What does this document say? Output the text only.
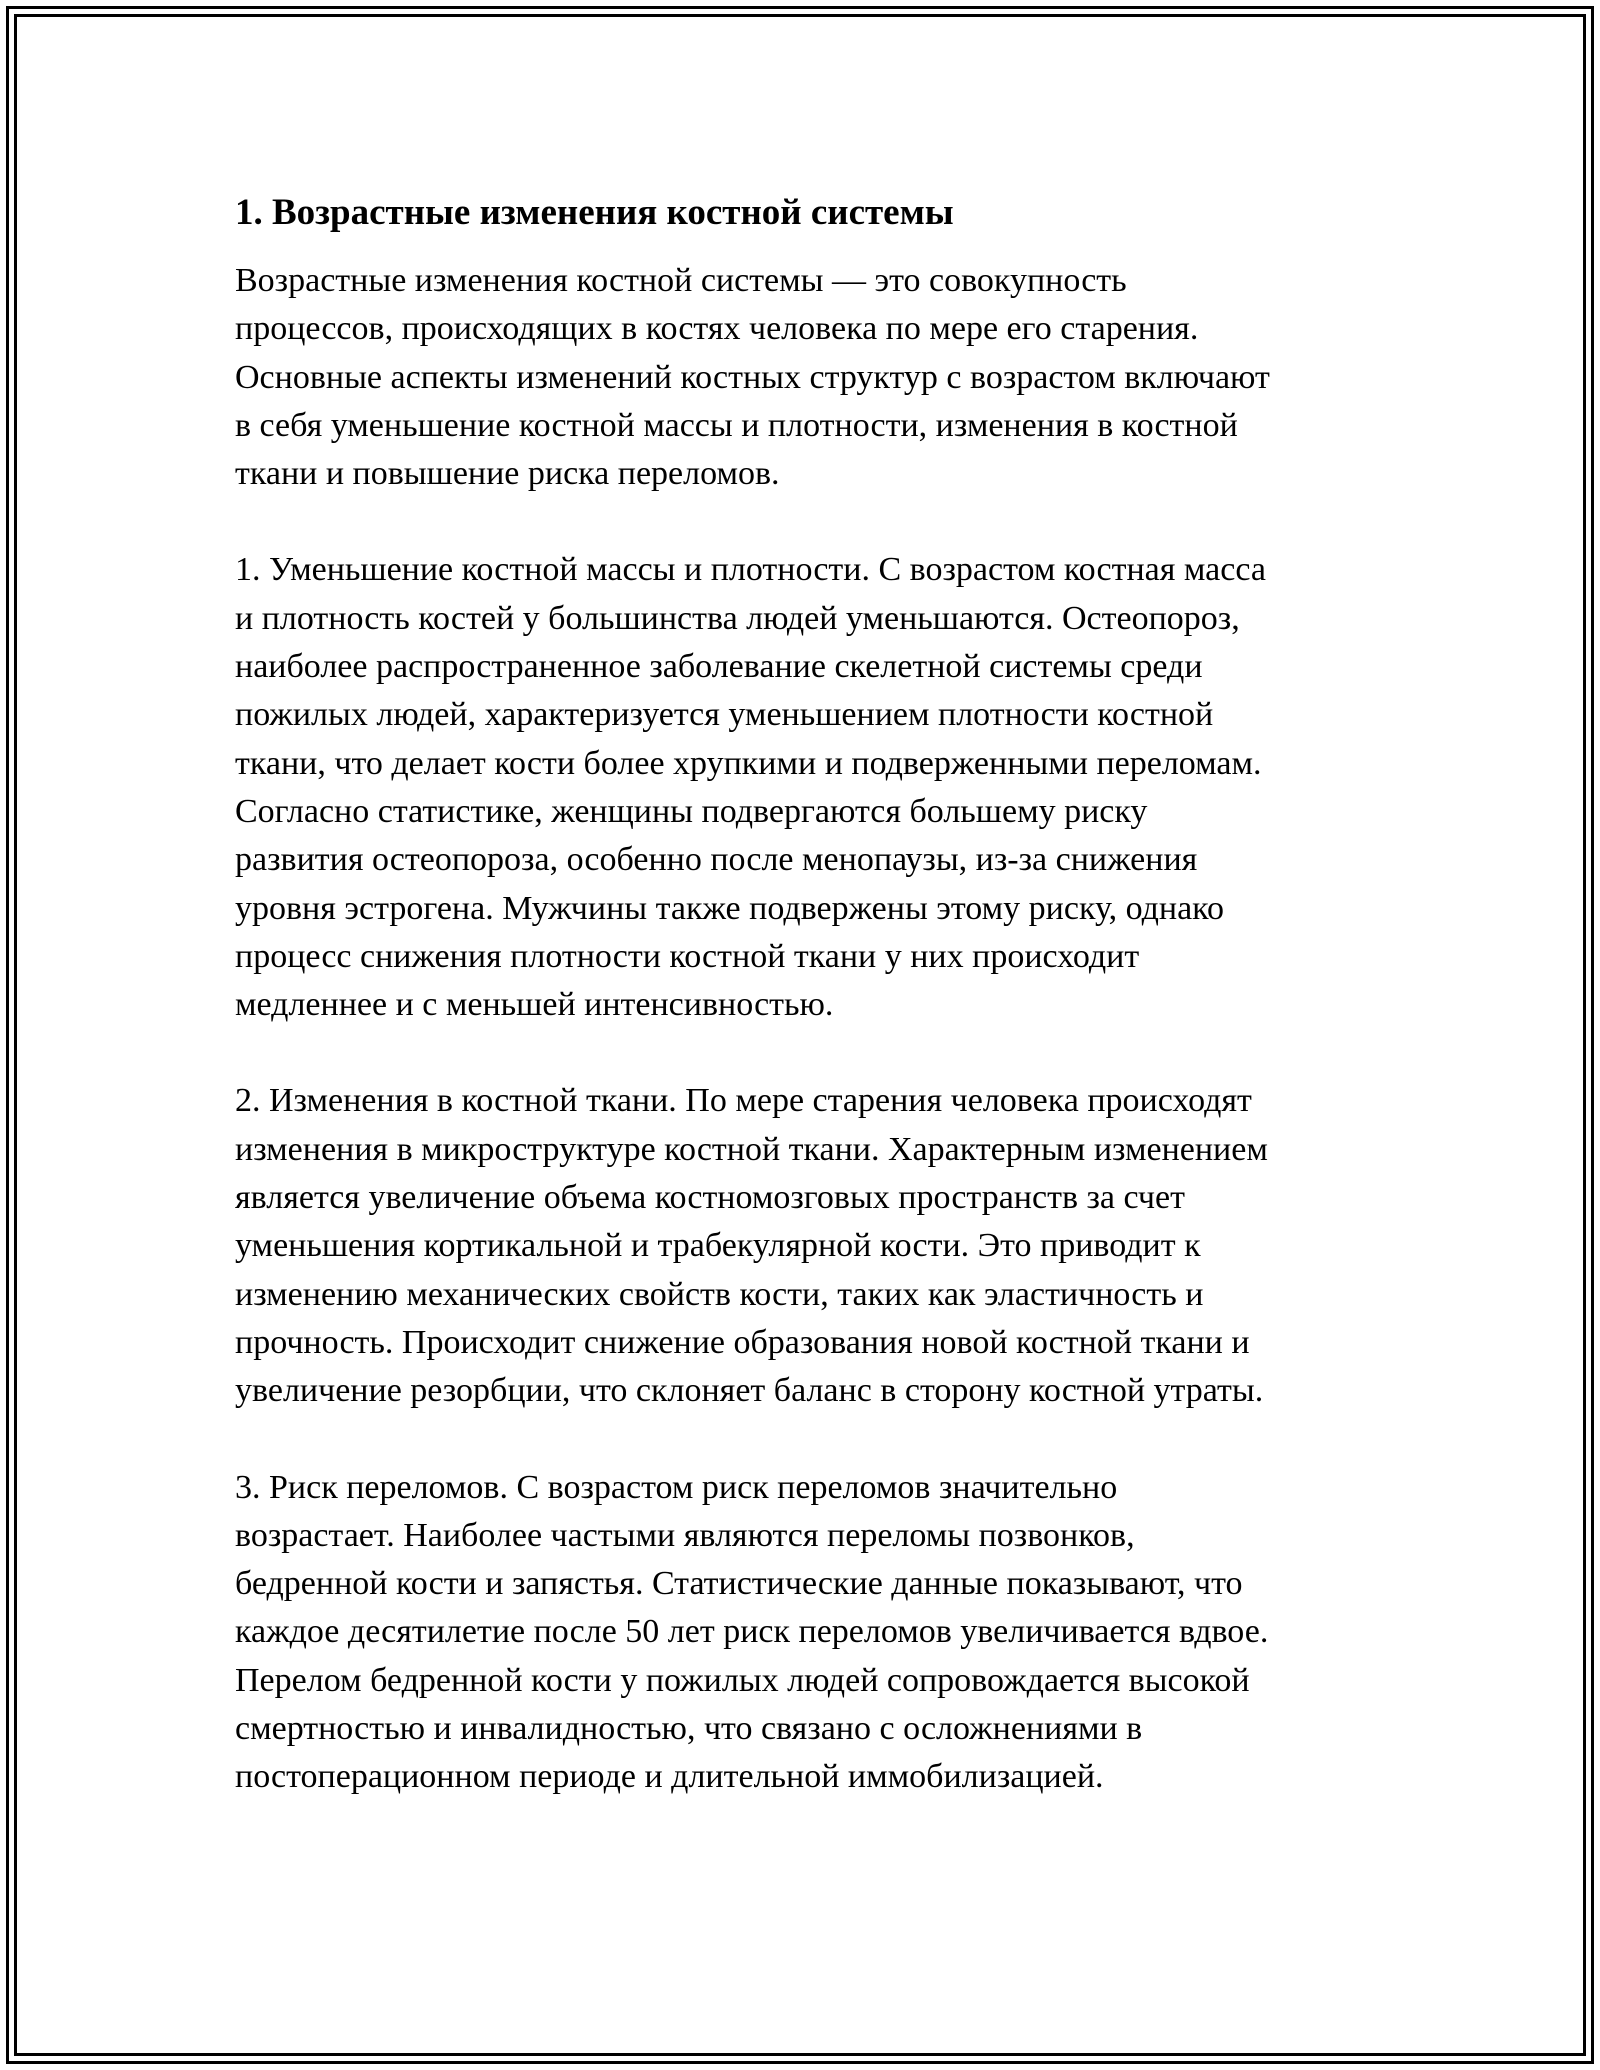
1. Возрастные изменения костной системы
Возрастные изменения костной системы — это совокупность
процессов, происходящих в костях человека по мере его старения.
Основные аспекты изменений костных структур с возрастом включают
в себя уменьшение костной массы и плотности, изменения в костной
ткани и повышение риска переломов.
1. Уменьшение костной массы и плотности. С возрастом костная масса
и плотность костей у большинства людей уменьшаются. Остеопороз,
наиболее распространенное заболевание скелетной системы среди
пожилых людей, характеризуется уменьшением плотности костной
ткани, что делает кости более хрупкими и подверженными переломам.
Согласно статистике, женщины подвергаются большему риску
развития остеопороза, особенно после менопаузы, из-за снижения
уровня эстрогена. Мужчины также подвержены этому риску, однако
процесс снижения плотности костной ткани у них происходит
медленнее и с меньшей интенсивностью.
2. Изменения в костной ткани. По мере старения человека происходят
изменения в микроструктуре костной ткани. Характерным изменением
является увеличение объема костномозговых пространств за счет
уменьшения кортикальной и трабекулярной кости. Это приводит к
изменению механических свойств кости, таких как эластичность и
прочность. Происходит снижение образования новой костной ткани и
увеличение резорбции, что склоняет баланс в сторону костной утраты.
3. Риск переломов. С возрастом риск переломов значительно
возрастает. Наиболее частыми являются переломы позвонков,
бедренной кости и запястья. Статистические данные показывают, что
каждое десятилетие после 50 лет риск переломов увеличивается вдвое.
Перелом бедренной кости у пожилых людей сопровождается высокой
смертностью и инвалидностью, что связано с осложнениями в
постоперационном периоде и длительной иммобилизацией.
